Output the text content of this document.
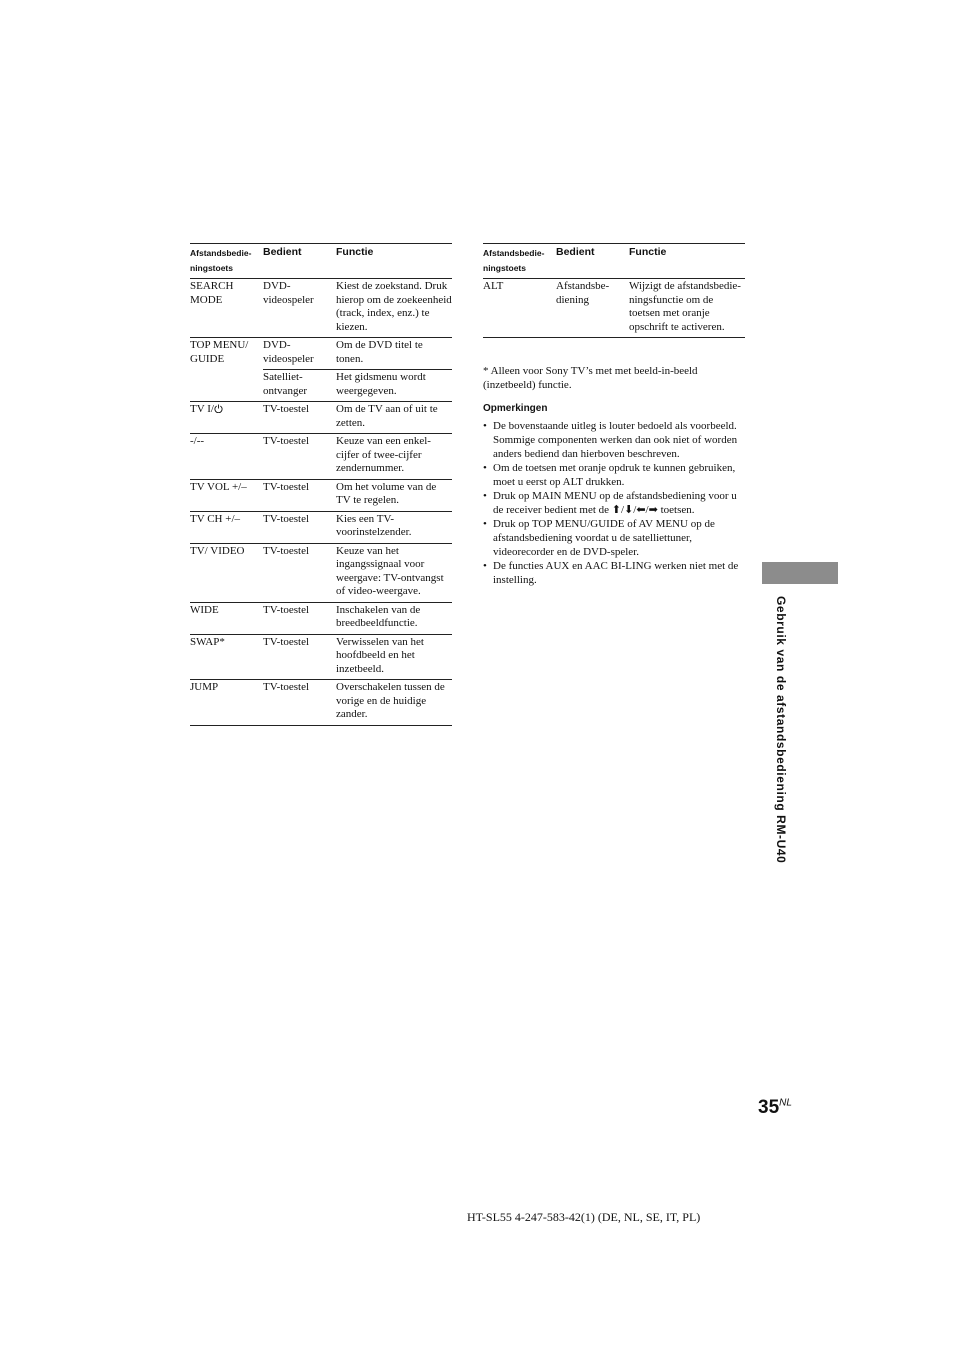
Afstandsbedie-ningstoets	Bedient	Functie
SEARCH MODE	DVD-videospeler	Kiest de zoekstand. Druk hierop om de zoekeenheid (track, index, enz.) te kiezen.
TOP MENU/ GUIDE	DVD-videospeler	Om de DVD titel te tonen.
	Satelliet-ontvanger	Het gidsmenu wordt weergegeven.
TV I/	TV-toestel	Om de TV aan of uit te zetten.
-/--	TV-toestel	Keuze van een enkel-cijfer of twee-cijfer zendernummer.
TV VOL +/–	TV-toestel	Om het volume van de TV te regelen.
TV CH +/–	TV-toestel	Kies een TV-voorinstelzender.
TV/ VIDEO	TV-toestel	Keuze van het ingangssignaal voor weergave: TV-ontvangst of video-weergave.
WIDE	TV-toestel	Inschakelen van de breedbeeldfunctie.
SWAP*	TV-toestel	Verwisselen van het hoofdbeeld en het inzetbeeld.
JUMP	TV-toestel	Overschakelen tussen de vorige en de huidige zander.
Afstandsbedie-ningstoets	Bedient	Functie
ALT	Afstandsbe-diening	Wijzigt de afstandsbedie-ningsfunctie om de toetsen met oranje opschrift te activeren.
* Alleen voor Sony TV’s met met beeld-in-beeld (inzetbeeld) functie.
Opmerkingen
• De bovenstaande uitleg is louter bedoeld als voorbeeld. Sommige componenten werken dan ook niet of worden anders bediend dan hierboven beschreven.
• Om de toetsen met oranje opdruk te kunnen gebruiken, moet u eerst op ALT drukken.
• Druk op MAIN MENU op de afstandsbediening voor u de receiver bedient met de ⬆/⬇/⬅/➡ toetsen.
• Druk op TOP MENU/GUIDE of AV MENU op de afstandsbediening voordat u de satelliettuner, videorecorder en de DVD-speler.
• De functies AUX en AAC BI-LING werken niet met de instelling.
Gebruik van de afstandsbediening RM-U40
$35^{NL}$
HT-SL55 4-247-583-42(1) (DE, NL, SE, IT, PL)
